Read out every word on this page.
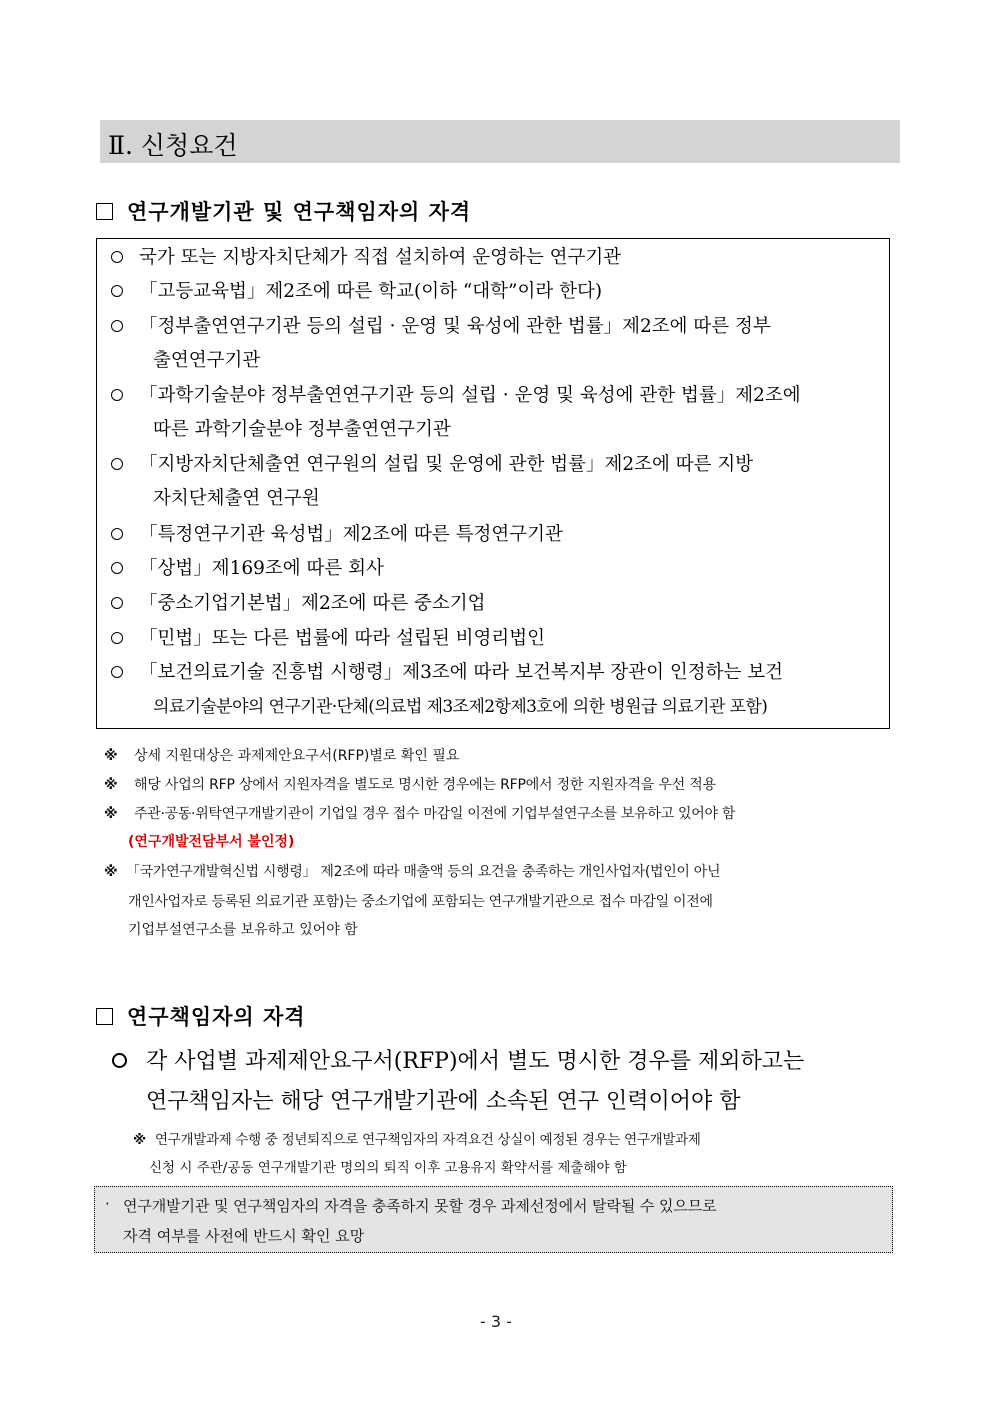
Ⅱ. 신청요건
연구개발기관 및 연구책임자의 자격
국가 또는 지방자치단체가 직접 설치하여 운영하는 연구기관
「고등교육법」제2조에 따른 학교(이하 “대학”이라 한다)
「정부출연연구기관 등의 설립 · 운영 및 육성에 관한 법률」제2조에 따른 정부
출연연구기관
「과학기술분야 정부출연연구기관 등의 설립 · 운영 및 육성에 관한 법률」제2조에
따른 과학기술분야 정부출연연구기관
「지방자치단체출연 연구원의 설립 및 운영에 관한 법률」제2조에 따른 지방
자치단체출연 연구원
「특정연구기관 육성법」제2조에 따른 특정연구기관
「상법」제169조에 따른 회사
「중소기업기본법」제2조에 따른 중소기업
「민법」또는 다른 법률에 따라 설립된 비영리법인
「보건의료기술 진흥법 시행령」제3조에 따라 보건복지부 장관이 인정하는 보건
의료기술분야의 연구기관·단체(의료법 제3조제2항제3호에 의한 병원급 의료기관 포함)
※ 상세 지원대상은 과제제안요구서(RFP)별로 확인 필요
※ 해당 사업의 RFP 상에서 지원자격을 별도로 명시한 경우에는 RFP에서 정한 지원자격을 우선 적용
※ 주관·공동·위탁연구개발기관이 기업일 경우 접수 마감일 이전에 기업부설연구소를 보유하고 있어야 함
(연구개발전담부서 불인정)
※ 「국가연구개발혁신법 시행령」 제2조에 따라 매출액 등의 요건을 충족하는 개인사업자(법인이 아닌
개인사업자로 등록된 의료기관 포함)는 중소기업에 포함되는 연구개발기관으로 접수 마감일 이전에
기업부설연구소를 보유하고 있어야 함
연구책임자의 자격
각 사업별 과제제안요구서(RFP)에서 별도 명시한 경우를 제외하고는
연구책임자는 해당 연구개발기관에 소속된 연구 인력이어야 함
※ 연구개발과제 수행 중 정년퇴직으로 연구책임자의 자격요건 상실이 예정된 경우는 연구개발과제
신청 시 주관/공동 연구개발기관 명의의 퇴직 이후 고용유지 확약서를 제출해야 함
· 연구개발기관 및 연구책임자의 자격을 충족하지 못할 경우 과제선정에서 탈락될 수 있으므로
자격 여부를 사전에 반드시 확인 요망
- 3 -
